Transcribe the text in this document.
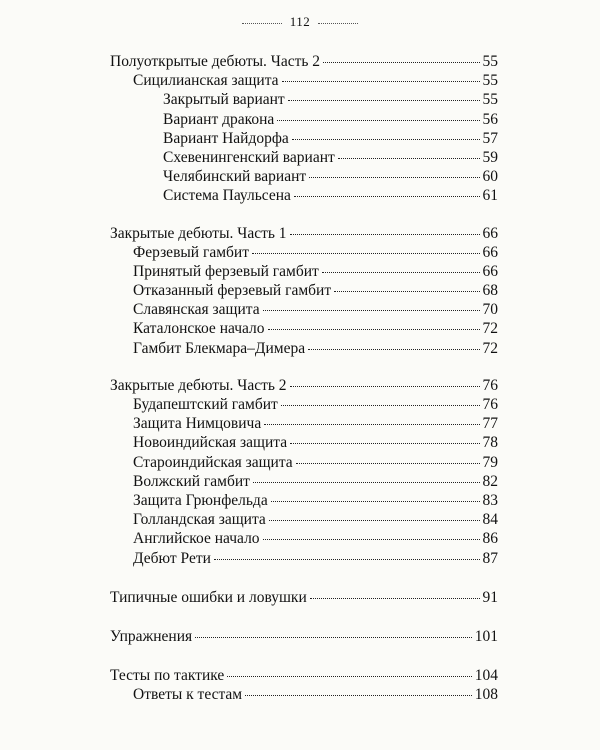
112
Полуоткрытые дебюты. Часть 2	55
Сицилианская защита	55
Закрытый вариант	55
Вариант дракона	56
Вариант Найдорфа	57
Схевенингенский вариант	59
Челябинский вариант	60
Система Паульсена	61
Закрытые дебюты. Часть 1	66
Ферзевый гамбит	66
Принятый ферзевый гамбит	66
Отказанный ферзевый гамбит	68
Славянская защита	70
Каталонское начало	72
Гамбит Блекмара–Димера	72
Закрытые дебюты. Часть 2	76
Будапештский гамбит	76
Защита Нимцовича	77
Новоиндийская защита	78
Староиндийская защита	79
Волжский гамбит	82
Защита Грюнфельда	83
Голландская защита	84
Английское начало	86
Дебют Рети	87
Типичные ошибки и ловушки	91
Упражнения	101
Тесты по тактике	104
Ответы к тестам	108
